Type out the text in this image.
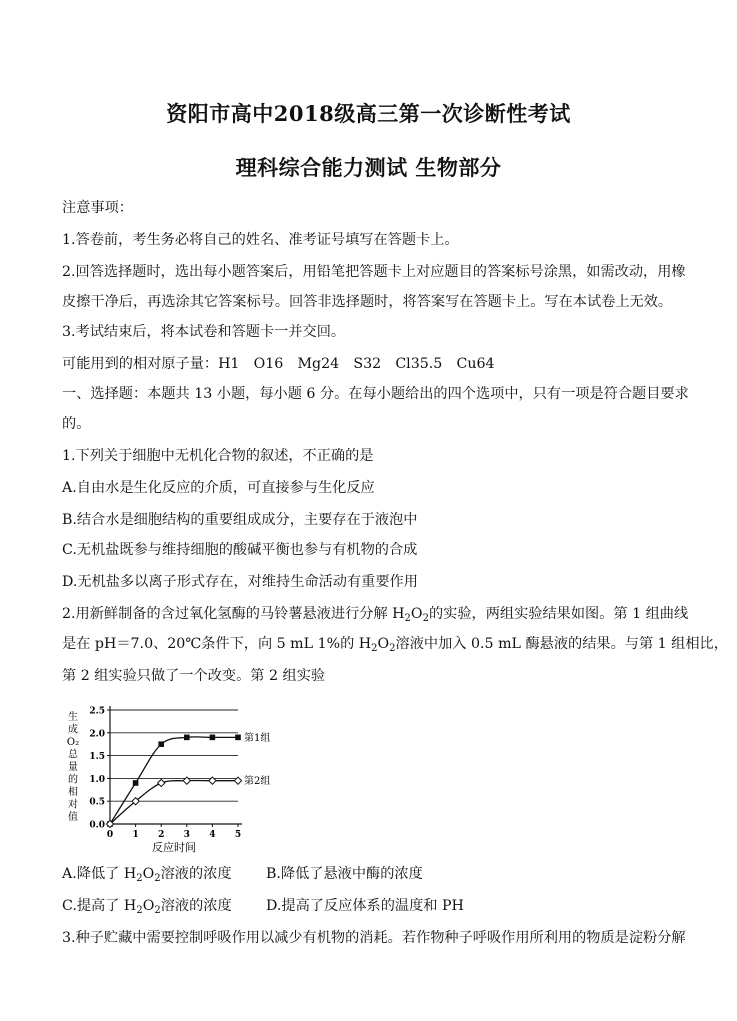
资阳市高中2018级高三第一次诊断性考试
理科综合能力测试 生物部分
注意事项：
1.答卷前，考生务必将自己的姓名、准考证号填写在答题卡上。
2.回答选择题时，选出每小题答案后，用铅笔把答题卡上对应题目的答案标号涂黑，如需改动，用橡
皮擦干净后，再选涂其它答案标号。回答非选择题时，将答案写在答题卡上。写在本试卷上无效。
3.考试结束后，将本试卷和答题卡一并交回。
可能用到的相对原子量：H1　O16　Mg24　S32　Cl35.5　Cu64
一、选择题：本题共 13 小题，每小题 6 分。在每小题给出的四个选项中，只有一项是符合题目要求
的。
1.下列关于细胞中无机化合物的叙述，不正确的是
A.自由水是生化反应的介质，可直接参与生化反应
B.结合水是细胞结构的重要组成成分，主要存在于液泡中
C.无机盐既参与维持细胞的酸碱平衡也参与有机物的合成
D.无机盐多以离子形式存在，对维持生命活动有重要作用
2.用新鲜制备的含过氧化氢酶的马铃薯悬液进行分解 $H_2O_2$的实验，两组实验结果如图。第 1 组曲线
是在 pH＝7.0、20℃条件下，向 5 mL 1%的 $H_2O_2$溶液中加入 0.5 mL 酶悬液的结果。与第 1 组相比，
第 2 组实验只做了一个改变。第 2 组实验
生
成
O₂
总
量
的
相
对
值
0.0
0.5
1.0
1.5
2.0
2.5
0 1 2 3 4 5
第1组
第2组
反应时间
A.降低了 $H_2O_2$溶液的浓度 B.降低了悬液中酶的浓度
C.提高了 $H_2O_2$溶液的浓度 D.提高了反应体系的温度和 PH
3.种子贮藏中需要控制呼吸作用以减少有机物的消耗。若作物种子呼吸作用所利用的物质是淀粉分解
